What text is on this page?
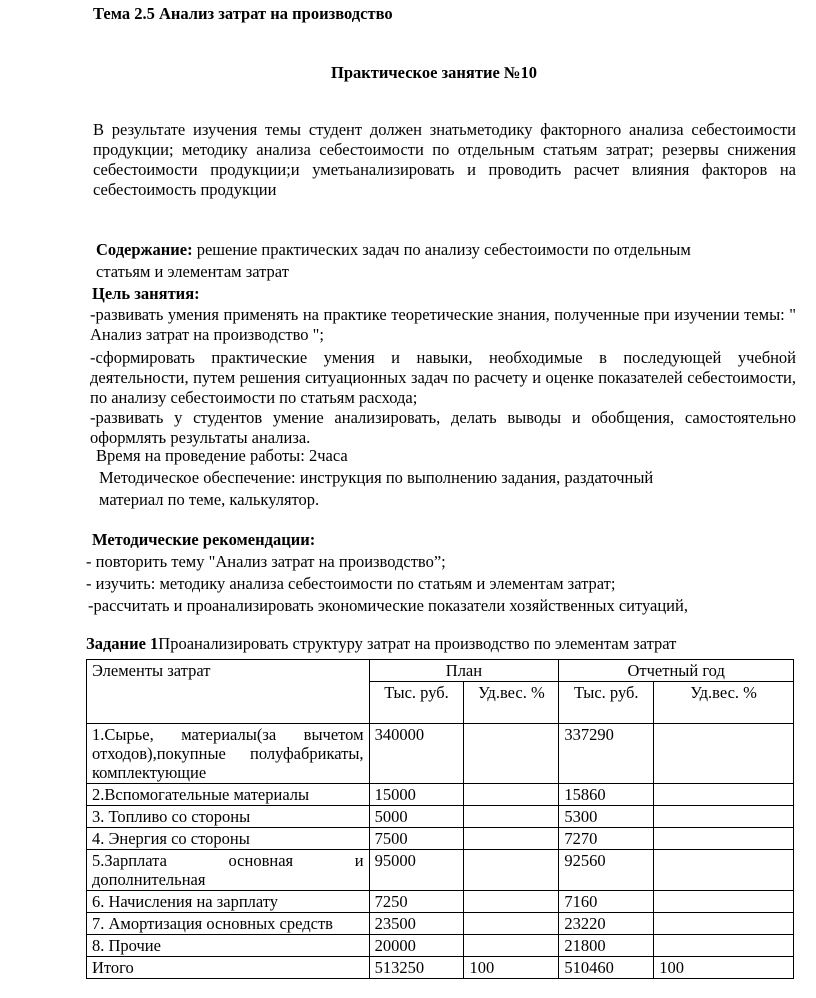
Тема 2.5 Анализ затрат на производство
Практическое занятие №10

В результате изучения темы студент должен знатьметодику факторного анализа себестоимости продукции; методику анализа себестоимости по отдельным статьям затрат; резервы снижения себестоимости продукции;и уметьанализировать и проводить расчет влияния факторов на себестоимость продукции

Содержание: решение практических задач по анализу себестоимости по отдельным
статьям и элементам затрат
Цель занятия:

-развивать умения применять на практике теоретические знания, полученные при изучении темы: " Анализ затрат на производство ";

-сформировать практические умения и навыки, необходимые в последующей учебной деятельности, путем решения ситуационных задач по расчету и оценке показателей себестоимости, по анализу себестоимости по статьям расхода;

-развивать у студентов умение анализировать, делать выводы и обобщения, самостоятельно оформлять результаты анализа.

Время на проведение работы: 2часа
Методическое обеспечение: инструкция по выполнению задания, раздаточный
материал по теме, калькулятор.
Методические рекомендации:
- повторить тему "Анализ затрат на производство”;
- изучить: методику анализа себестоимости по статьям и элементам затрат;
-рассчитать и проанализировать экономические показатели хозяйственных ситуаций,
Задание 1Проанализировать структуру затрат на производство по элементам затрат
Элементы затрат	План		Отчетный год	
	Тыс. руб.	Уд.вес. %	Тыс. руб.	Уд.вес. %
1.Сырье, материалы(за вычетом отходов),покупные полуфабрикаты, комплектующие	340000		337290	
2.Вспомогательные материалы	15000		15860	
3. Топливо со стороны	5000		5300	
4. Энергия со стороны	7500		7270	
5.Зарплата основная и дополнительная	95000		92560	
6. Начисления на зарплату	7250		7160	
7. Амортизация основных средств	23500		23220	
8. Прочие	20000		21800	
Итого	513250	100	510460	100
